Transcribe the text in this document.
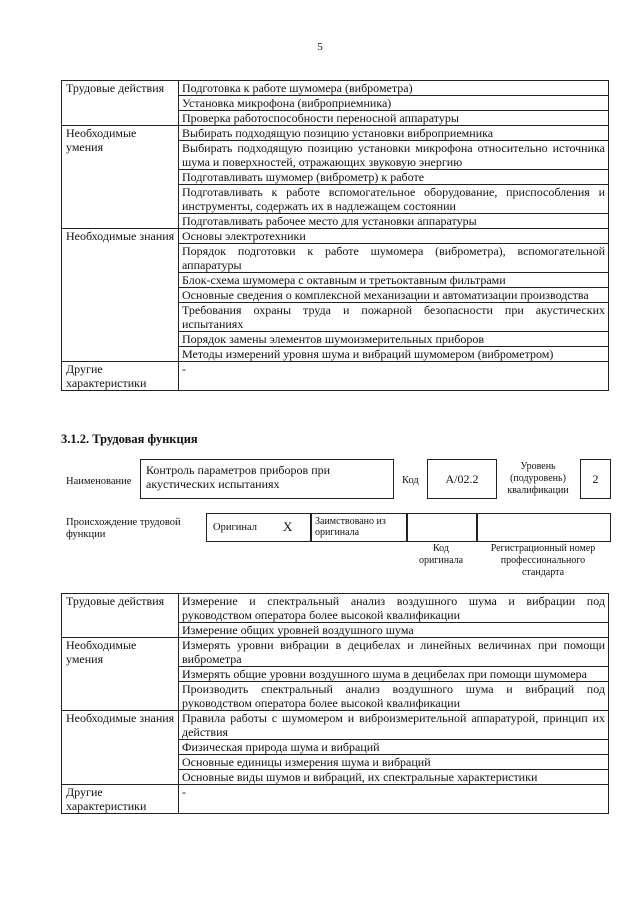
5
Трудовые действия	Подготовка к работе шумомера (виброметра)
	Установка микрофона (виброприемника)
	Проверка работоспособности переносной аппаратуры
Необходимые умения	Выбирать подходящую позицию установки виброприемника
	Выбирать подходящую позицию установки микрофона относительно источника шума и поверхностей, отражающих звуковую энергию
	Подготавливать шумомер (виброметр) к работе
	Подготавливать к работе вспомогательное оборудование, приспособления и инструменты, содержать их в надлежащем состоянии
	Подготавливать рабочее место для установки аппаратуры
Необходимые знания	Основы электротехники
	Порядок подготовки к работе шумомера (виброметра), вспомогательной аппаратуры
	Блок-схема шумомера с октавным и третьоктавным фильтрами
	Основные сведения о комплексной механизации и автоматизации производства
	Требования охраны труда и пожарной безопасности при акустических испытаниях
	Порядок замены элементов шумоизмерительных приборов
	Методы измерений уровня шума и вибраций шумомером (виброметром)
Другие характеристики	-
3.1.2. Трудовая функция
Наименование
Контроль параметров приборов при акустических испытаниях	Код	A/02.2
Уровень (подуровень) квалификации
2
Происхождение трудовой функции
Оригинал X	Заимствовано из оригинала
Код оригинала
Регистрационный номер профессионального стандарта
Трудовые действия	Измерение и спектральный анализ воздушного шума и вибрации под руководством оператора более высокой квалификации
	Измерение общих уровней воздушного шума
Необходимые умения	Измерять уровни вибрации в децибелах и линейных величинах при помощи виброметра
	Измерять общие уровни воздушного шума в децибелах при помощи шумомера
	Производить спектральный анализ воздушного шума и вибраций под руководством оператора более высокой квалификации
Необходимые знания	Правила работы с шумомером и виброизмерительной аппаратурой, принцип их действия
	Физическая природа шума и вибраций
	Основные единицы измерения шума и вибраций
	Основные виды шумов и вибраций, их спектральные характеристики
Другие характеристики	-
